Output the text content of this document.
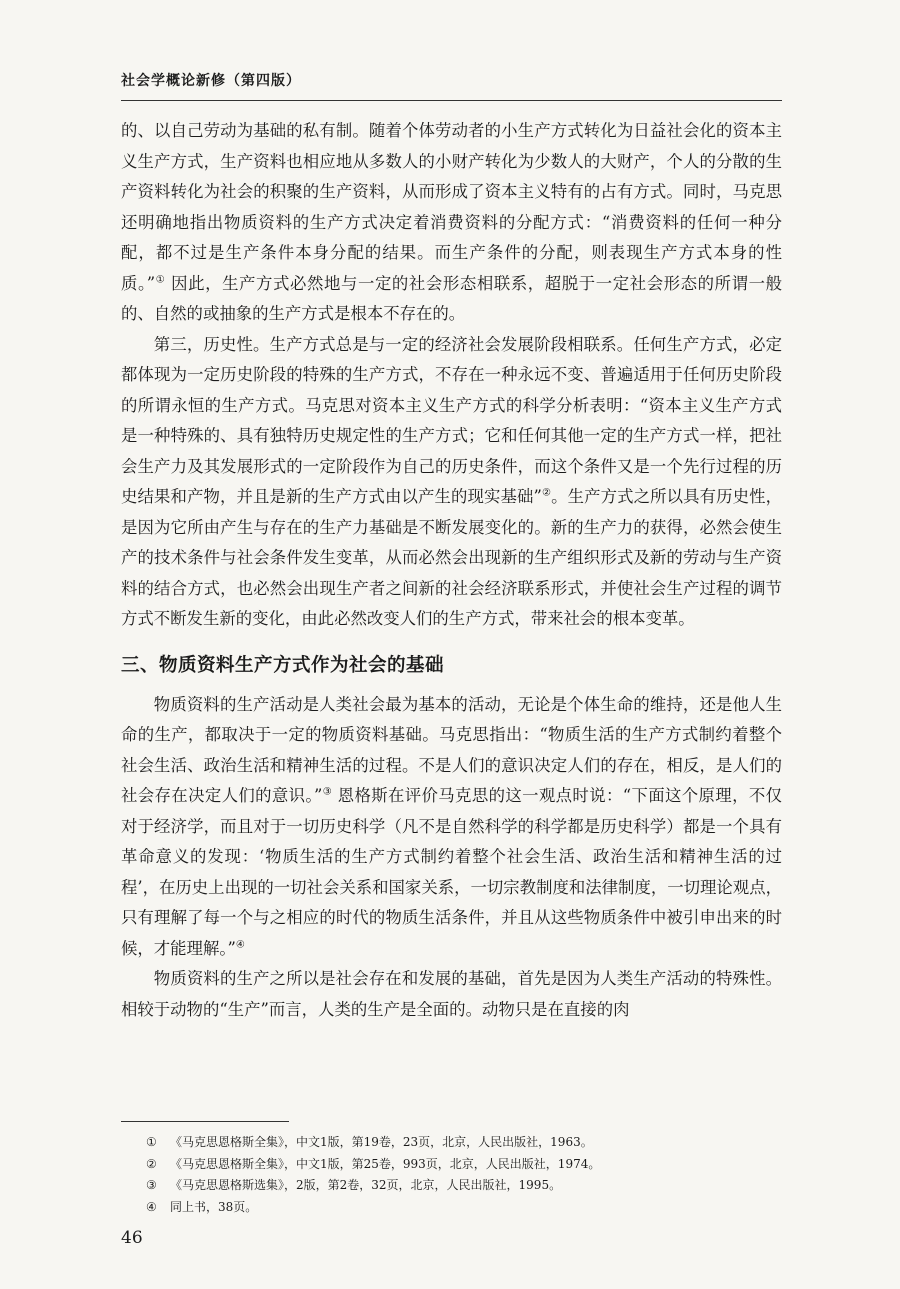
社会学概论新修（第四版）

的、以自己劳动为基础的私有制。随着个体劳动者的小生产方式转化为日益社会化的资本主义生产方式，生产资料也相应地从多数人的小财产转化为少数人的大财产，个人的分散的生产资料转化为社会的积聚的生产资料，从而形成了资本主义特有的占有方式。同时，马克思还明确地指出物质资料的生产方式决定着消费资料的分配方式：“消费资料的任何一种分配，都不过是生产条件本身分配的结果。而生产条件的分配，则表现生产方式本身的性质。”① 因此，生产方式必然地与一定的社会形态相联系，超脱于一定社会形态的所谓一般的、自然的或抽象的生产方式是根本不存在的。

第三，历史性。生产方式总是与一定的经济社会发展阶段相联系。任何生产方式，必定都体现为一定历史阶段的特殊的生产方式，不存在一种永远不变、普遍适用于任何历史阶段的所谓永恒的生产方式。马克思对资本主义生产方式的科学分析表明：“资本主义生产方式是一种特殊的、具有独特历史规定性的生产方式；它和任何其他一定的生产方式一样，把社会生产力及其发展形式的一定阶段作为自己的历史条件，而这个条件又是一个先行过程的历史结果和产物，并且是新的生产方式由以产生的现实基础”②。生产方式之所以具有历史性，是因为它所由产生与存在的生产力基础是不断发展变化的。新的生产力的获得，必然会使生产的技术条件与社会条件发生变革，从而必然会出现新的生产组织形式及新的劳动与生产资料的结合方式，也必然会出现生产者之间新的社会经济联系形式，并使社会生产过程的调节方式不断发生新的变化，由此必然改变人们的生产方式，带来社会的根本变革。

三、物质资料生产方式作为社会的基础

物质资料的生产活动是人类社会最为基本的活动，无论是个体生命的维持，还是他人生命的生产，都取决于一定的物质资料基础。马克思指出：“物质生活的生产方式制约着整个社会生活、政治生活和精神生活的过程。不是人们的意识决定人们的存在，相反，是人们的社会存在决定人们的意识。”③ 恩格斯在评价马克思的这一观点时说：“下面这个原理，不仅对于经济学，而且对于一切历史科学（凡不是自然科学的科学都是历史科学）都是一个具有革命意义的发现：‘物质生活的生产方式制约着整个社会生活、政治生活和精神生活的过程’，在历史上出现的一切社会关系和国家关系，一切宗教制度和法律制度，一切理论观点，只有理解了每一个与之相应的时代的物质生活条件，并且从这些物质条件中被引申出来的时候，才能理解。”④

物质资料的生产之所以是社会存在和发展的基础，首先是因为人类生产活动的特殊性。相较于动物的“生产”而言，人类的生产是全面的。动物只是在直接的肉

① 《马克思恩格斯全集》，中文1版，第19卷，23页，北京，人民出版社，1963。

② 《马克思恩格斯全集》，中文1版，第25卷，993页，北京，人民出版社，1974。

③ 《马克思恩格斯选集》，2版，第2卷，32页，北京，人民出版社，1995。

④ 同上书，38页。

46
